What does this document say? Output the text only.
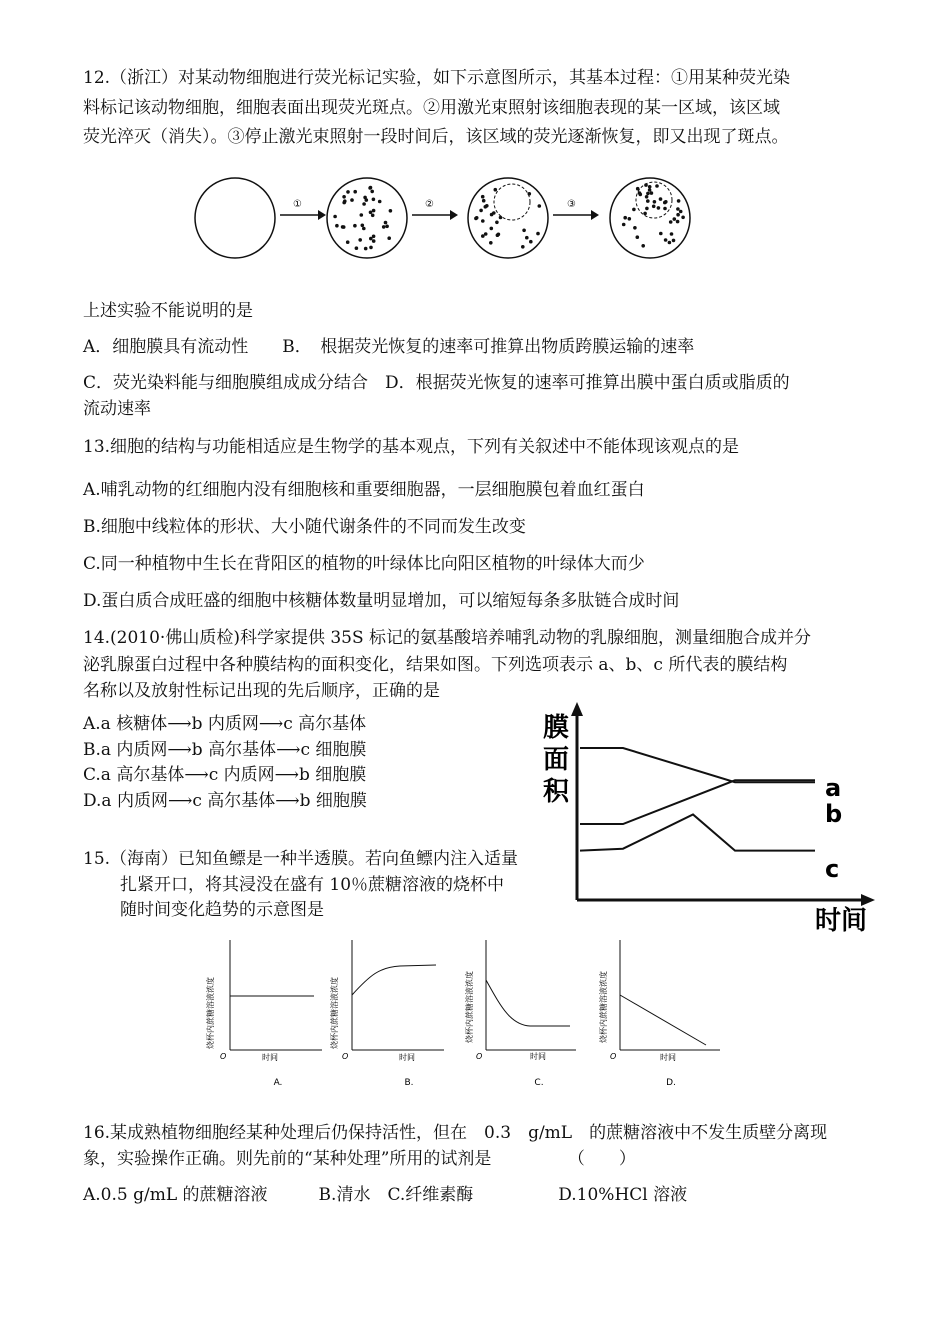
12.（浙江）对某动物细胞进行荧光标记实验，如下示意图所示，其基本过程：①用某种荧光染
料标记该动物细胞，细胞表面出现荧光斑点。②用激光束照射该细胞表现的某一区域，该区域
荧光淬灭（消失）。③停止激光束照射一段时间后，该区域的荧光逐渐恢复，即又出现了斑点。
①	②	③
上述实验不能说明的是
A．细胞膜具有流动性　　B．　根据荧光恢复的速率可推算出物质跨膜运输的速率
C．荧光染料能与细胞膜组成成分结合　D．根据荧光恢复的速率可推算出膜中蛋白质或脂质的
流动速率
13.细胞的结构与功能相适应是生物学的基本观点，下列有关叙述中不能体现该观点的是
A.哺乳动物的红细胞内没有细胞核和重要细胞器，一层细胞膜包着血红蛋白
B.细胞中线粒体的形状、大小随代谢条件的不同而发生改变
C.同一种植物中生长在背阳区的植物的叶绿体比向阳区植物的叶绿体大而少
D.蛋白质合成旺盛的细胞中核糖体数量明显增加，可以缩短每条多肽链合成时间
14.(2010·佛山质检)科学家提供 35S 标记的氨基酸培养哺乳动物的乳腺细胞，测量细胞合成并分
泌乳腺蛋白过程中各种膜结构的面积变化，结果如图。下列选项表示 a、b、c 所代表的膜结构
名称以及放射性标记出现的先后顺序，正确的是
A.a 核糖体⟶b 内质网⟶c 高尔基体
B.a 内质网⟶b 高尔基体⟶c 细胞膜
C.a 高尔基体⟶c 内质网⟶b 细胞膜
D.a 内质网⟶c 高尔基体⟶b 细胞膜
膜
面
积	a
b
c
时间
15.（海南）已知鱼鳔是一种半透膜。若向鱼鳔内注入适量
扎紧开口，将其浸没在盛有 10％蔗糖溶液的烧杯中
随时间变化趋势的示意图是
烧杯内蔗糖溶液浓度
O	时间
A.
烧杯内蔗糖溶液浓度
O	时间
B.
烧杯内蔗糖溶液浓度
O	时间
C.
烧杯内蔗糖溶液浓度
O	时间
D.
16.某成熟植物细胞经某种处理后仍保持活性，但在　0.3　g/mL　的蔗糖溶液中不发生质壁分离现
象，实验操作正确。则先前的“某种处理”所用的试剂是　　　　　（　　）
A.0.5 g/mL 的蔗糖溶液　　　B.清水　C.纤维素酶　　　　　D.10%HCl 溶液
